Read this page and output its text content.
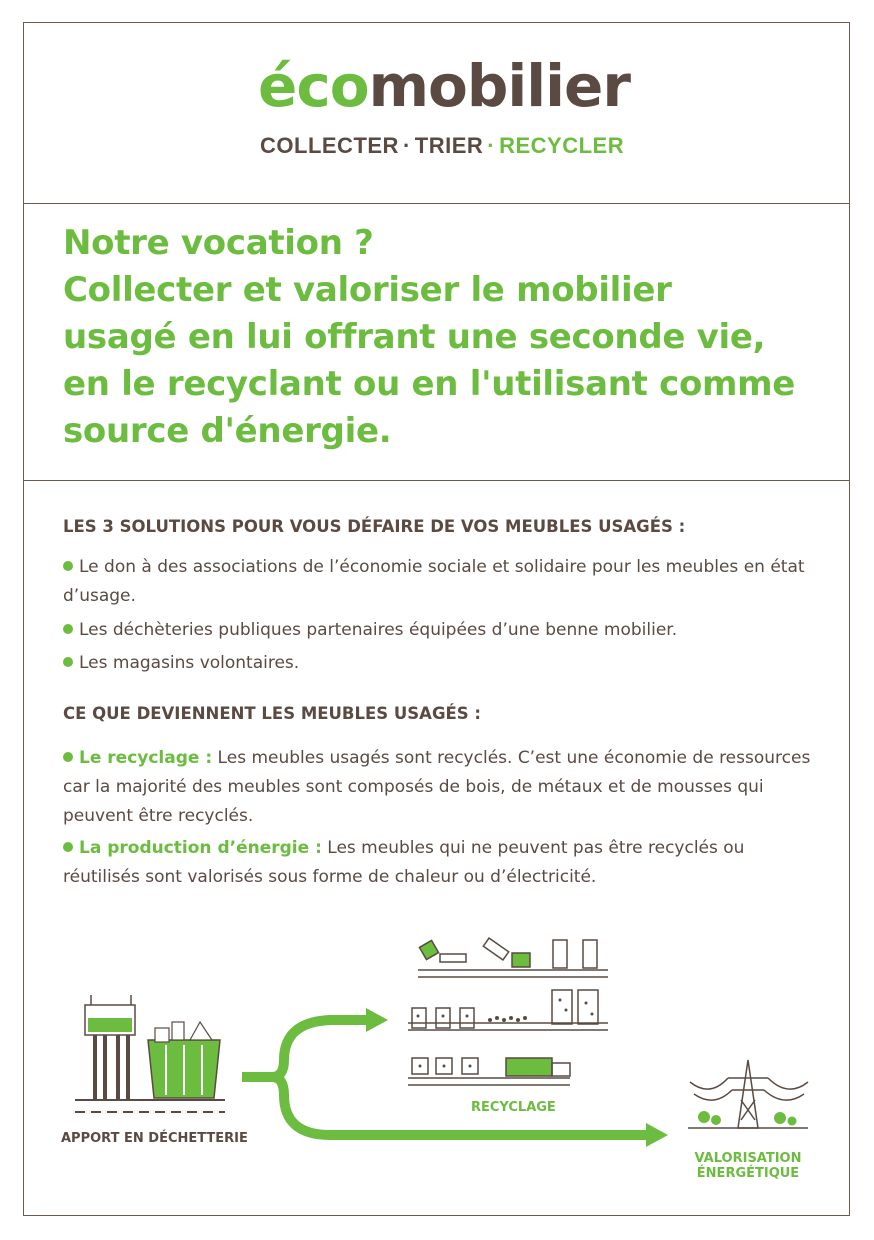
écomobilier
COLLECTER · TRIER · RECYCLER
Notre vocation ?
Collecter et valoriser le mobilier
usagé en lui offrant une seconde vie,
en le recyclant ou en l'utilisant comme
source d'énergie.
LES 3 SOLUTIONS POUR VOUS DÉFAIRE DE VOS MEUBLES USAGÉS :
Le don à des associations de l’économie sociale et solidaire pour les meubles en état d’usage.
Les déchèteries publiques partenaires équipées d’une benne mobilier.
Les magasins volontaires.
CE QUE DEVIENNENT LES MEUBLES USAGÉS :
Le recyclage : Les meubles usagés sont recyclés. C’est une économie de ressources car la majorité des meubles sont composés de bois, de métaux et de mousses qui peuvent être recyclés.
La production d’énergie : Les meubles qui ne peuvent pas être recyclés ou réutilisés sont valorisés sous forme de chaleur ou d’électricité.
APPORT EN DÉCHETTERIE
RECYCLAGE
VALORISATION
ÉNERGÉTIQUE
